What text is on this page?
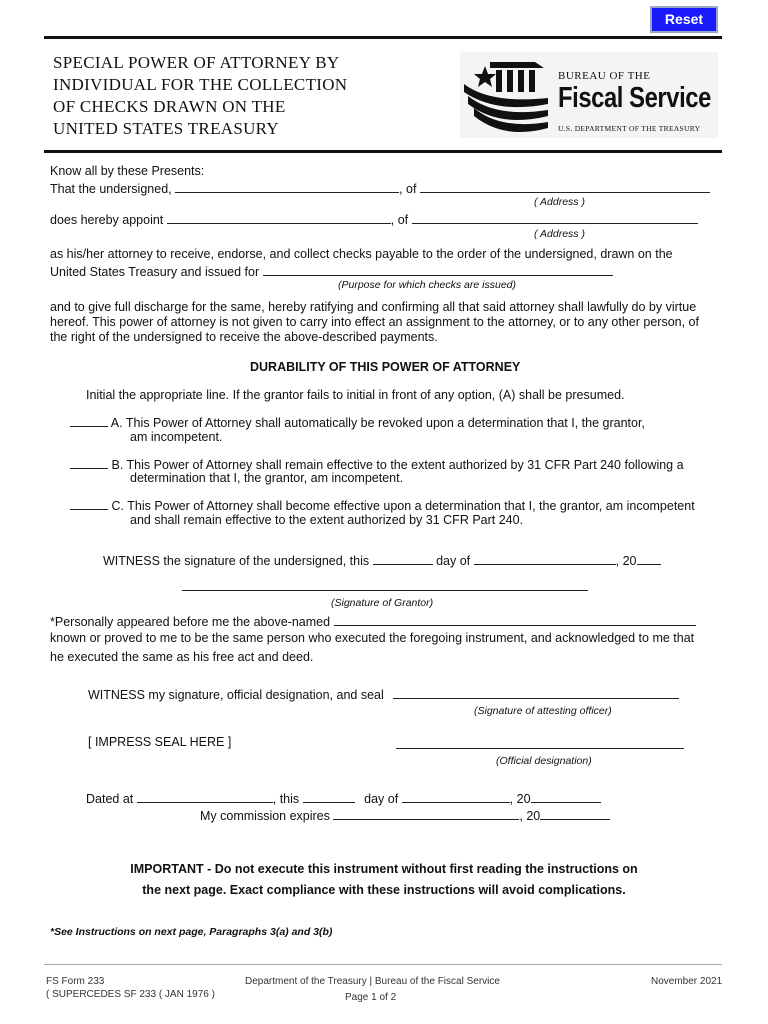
Reset
SPECIAL POWER OF ATTORNEY BY
INDIVIDUAL FOR THE COLLECTION
OF CHECKS DRAWN ON THE
UNITED STATES TREASURY
BUREAU OF THE
Fiscal Service
U.S. DEPARTMENT OF THE TREASURY
Know all by these Presents:
That the undersigned,	, of
( Address )
does hereby appoint	, of
( Address )
as his/her attorney to receive, endorse, and collect checks payable to the order of the undersigned, drawn on the
United States Treasury and issued for
(Purpose for which checks are issued)
and to give full discharge for the same, hereby ratifying and confirming all that said attorney shall lawfully do by virtue
hereof. This power of attorney is not given to carry into effect an assignment to the attorney, or to any other person, of
the right of the undersigned to receive the above-described payments.
DURABILITY OF THIS POWER OF ATTORNEY
Initial the appropriate line. If the grantor fails to initial in front of any option, (A) shall be presumed.
A. This Power of Attorney shall automatically be revoked upon a determination that I, the grantor,
am incompetent.
B. This Power of Attorney shall remain effective to the extent authorized by 31 CFR Part 240 following a
determination that I, the grantor, am incompetent.
C. This Power of Attorney shall become effective upon a determination that I, the grantor, am incompetent
and shall remain effective to the extent authorized by 31 CFR Part 240.
WITNESS the signature of the undersigned, this	day of	, 20
(Signature of Grantor)
*Personally appeared before me the above-named
known or proved to me to be the same person who executed the foregoing instrument, and acknowledged to me that
he executed the same as his free act and deed.
WITNESS my signature, official designation, and seal
(Signature of attesting officer)
[ IMPRESS SEAL HERE ]
(Official designation)
Dated at	, this	day of	, 20
My commission expires	, 20
IMPORTANT - Do not execute this instrument without first reading the instructions on
the next page. Exact compliance with these instructions will avoid complications.
*See Instructions on next page, Paragraphs 3(a) and 3(b)
FS Form 233
( SUPERCEDES SF 233 ( JAN 1976 )
Department of the Treasury | Bureau of the Fiscal Service
Page 1 of 2
November 2021
